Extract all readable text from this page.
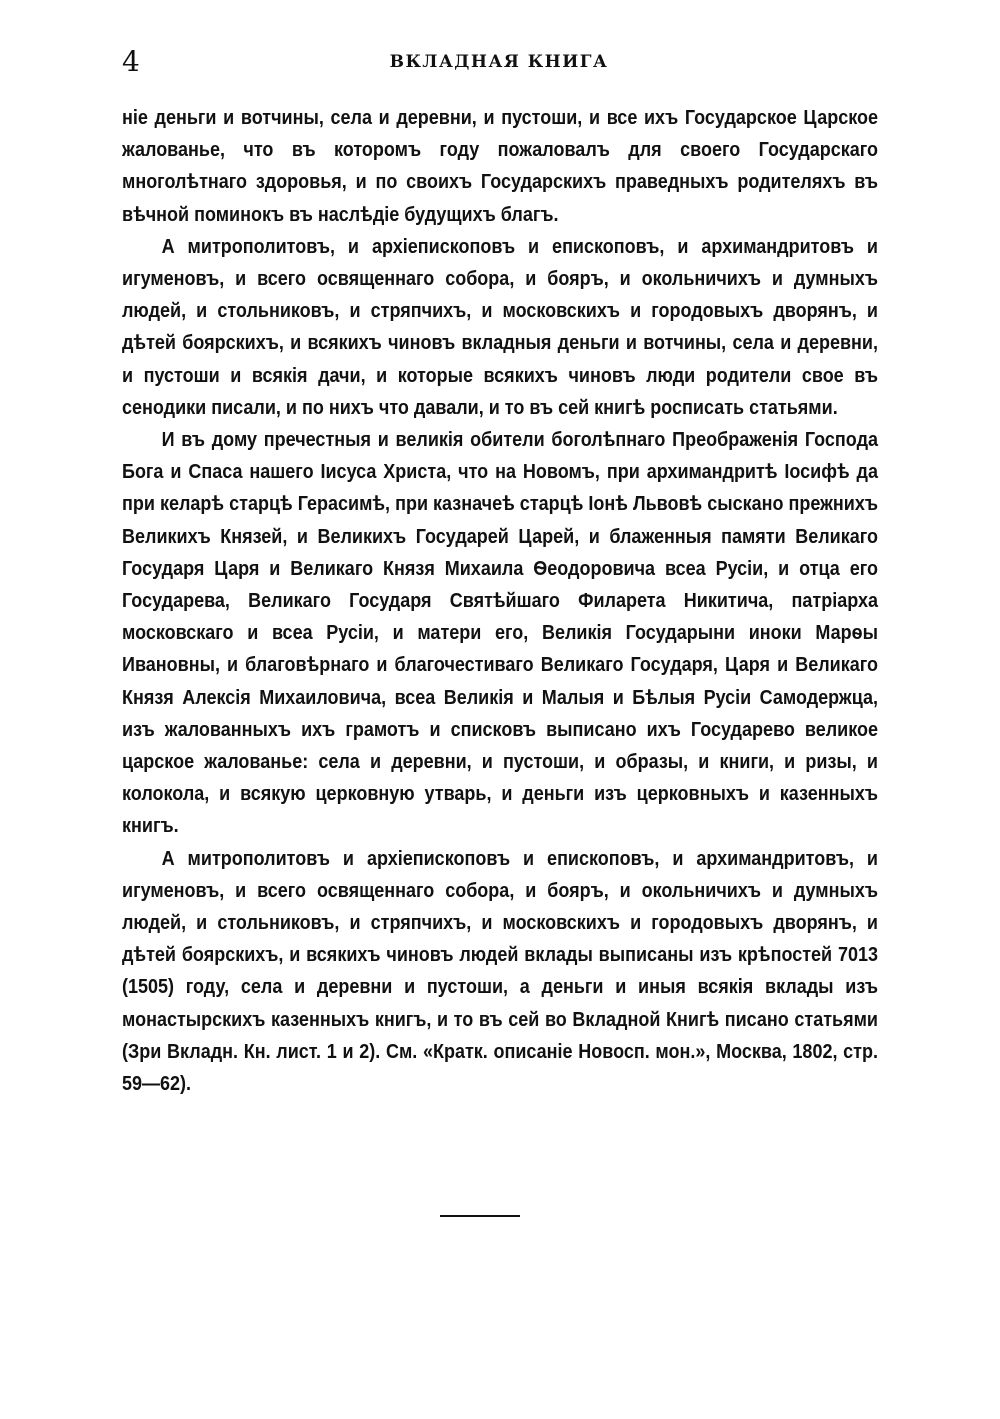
4	ВКЛАДНАЯ КНИГА

ніе деньги и вотчины, села и деревни, и пустоши, и все ихъ Государское Царское жалованье, что въ которомъ году пожаловалъ для своего Государскаго многолѣтнаго здоровья, и по своихъ Государскихъ праведныхъ родителяхъ въ вѣчной поминокъ въ наслѣдіе будущихъ благъ.

А митрополитовъ, и архіепископовъ и епископовъ, и архимандритовъ и игуменовъ, и всего освященнаго собора, и бояръ, и окольничихъ и думныхъ людей, и стольниковъ, и стряпчихъ, и московскихъ и городовыхъ дворянъ, и дѣтей боярскихъ, и всякихъ чиновъ вкладныя деньги и вотчины, села и деревни, и пустоши и всякія дачи, и которые всякихъ чиновъ люди родители свое въ сенодики писали, и по нихъ что давали, и то въ сей книгѣ росписать статьями.

И въ дому пречестныя и великія обители боголѣпнаго Преображенія Господа Бога и Спаса нашего Іисуса Христа, что на Новомъ, при архимандритѣ Іосифѣ да при келарѣ старцѣ Герасимѣ, при казначеѣ старцѣ Іонѣ Львовѣ сыскано прежнихъ Великихъ Князей, и Великихъ Государей Царей, и блаженныя памяти Великаго Государя Царя и Великаго Князя Михаила Ѳеодоровича всеа Русіи, и отца его Государева, Великаго Государя Святѣйшаго Филарета Никитича, патріарха московскаго и всеа Русіи, и матери его, Великія Государыни иноки Марѳы Ивановны, и благовѣрнаго и благочестиваго Великаго Государя, Царя и Великаго Князя Алексія Михаиловича, всеа Великія и Малыя и Бѣлыя Русіи Самодержца, изъ жалованныхъ ихъ грамотъ и списковъ выписано ихъ Государево великое царское жалованье: села и деревни, и пустоши, и образы, и книги, и ризы, и колокола, и всякую церковную утварь, и деньги изъ церковныхъ и казенныхъ книгъ.

А митрополитовъ и архіепископовъ и епископовъ, и архимандритовъ, и игуменовъ, и всего освященнаго собора, и бояръ, и окольничихъ и думныхъ людей, и стольниковъ, и стряпчихъ, и московскихъ и городовыхъ дворянъ, и дѣтей боярскихъ, и всякихъ чиновъ людей вклады выписаны изъ крѣпостей 7013 (1505) году, села и деревни и пустоши, а деньги и иныя всякія вклады изъ монастырскихъ казенныхъ книгъ, и то въ сей во Вкладной Книгѣ писано статьями (Зри Вкладн. Кн. лист. 1 и 2). См. «Кратк. описаніе Новосп. мон.», Москва, 1802, стр. 59—62).
